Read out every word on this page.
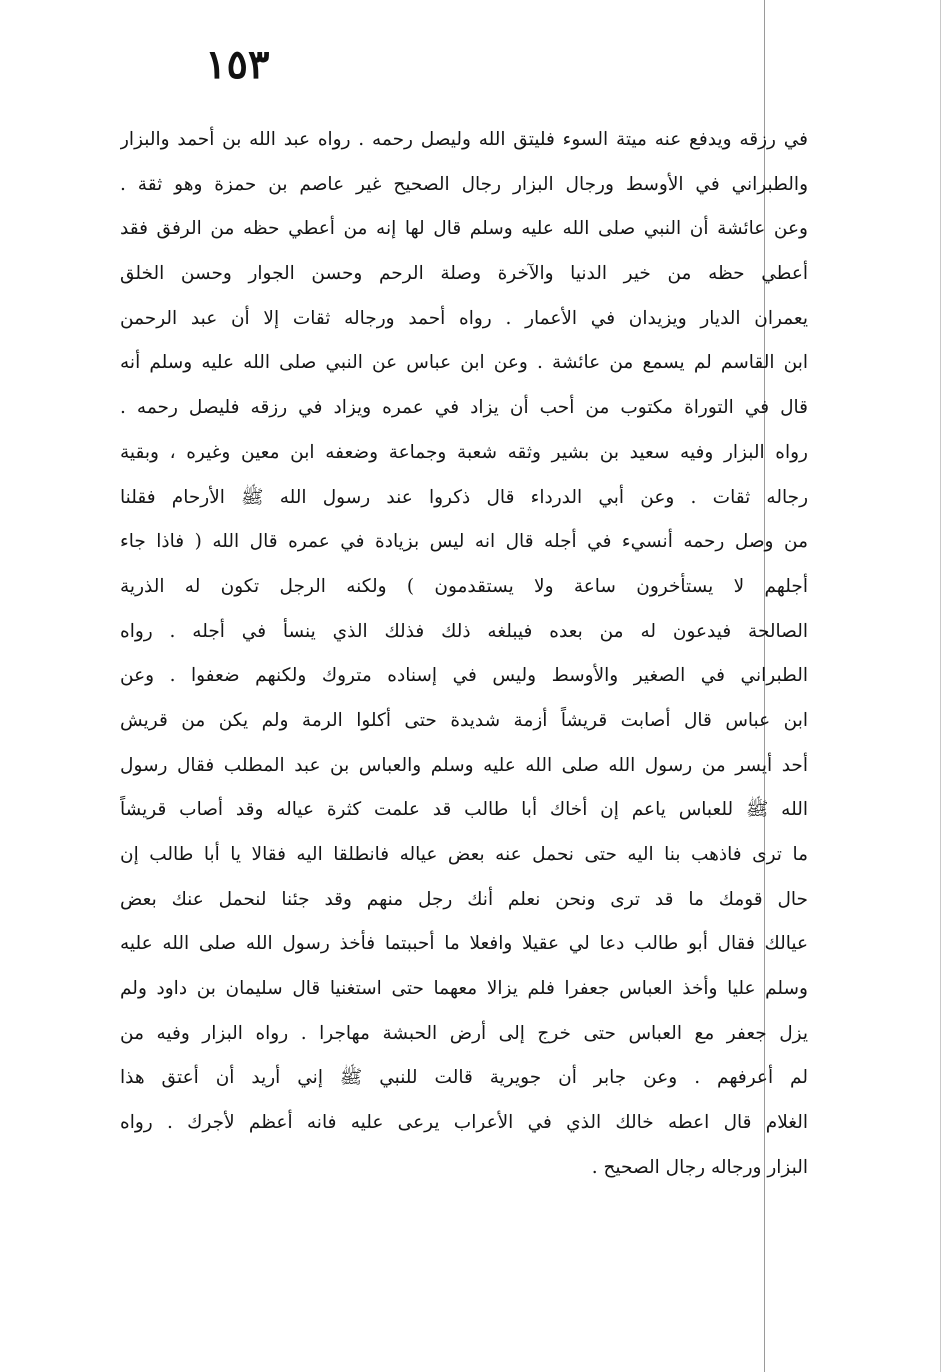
١٥٣
في رزقه ويدفع عنه ميتة السوء فليتق الله وليصل رحمه . رواه عبد الله بن أحمد والبزار
والطبراني في الأوسط ورجال البزار رجال الصحيح غير عاصم بن حمزة وهو ثقة .
وعن عائشة أن النبي صلى الله عليه وسلم قال لها إنه من أعطي حظه من الرفق فقد
أعطي حظه من خير الدنيا والآخرة وصلة الرحم وحسن الجوار وحسن الخلق
يعمران الديار ويزيدان في الأعمار . رواه أحمد ورجاله ثقات إلا أن عبد الرحمن
ابن القاسم لم يسمع من عائشة . وعن ابن عباس عن النبي صلى الله عليه وسلم أنه
قال في التوراة مكتوب من أحب أن يزاد في عمره ويزاد في رزقه فليصل رحمه .
رواه البزار وفيه سعيد بن بشير وثقه شعبة وجماعة وضعفه ابن معين وغيره ، وبقية
رجاله ثقات . وعن أبي الدرداء قال ذكروا عند رسول الله ﷺ الأرحام فقلنا
من وصل رحمه أنسيء في أجله قال انه ليس بزيادة في عمره قال الله ( فاذا جاء
أجلهم لا يستأخرون ساعة ولا يستقدمون ) ولكنه الرجل تكون له الذرية
الصالحة فيدعون له من بعده فيبلغه ذلك فذلك الذي ينسأ في أجله . رواه
الطبراني في الصغير والأوسط وليس في إسناده متروك ولكنهم ضعفوا . وعن
ابن عباس قال أصابت قريشاً أزمة شديدة حتى أكلوا الرمة ولم يكن من قريش
أحد أيسر من رسول الله صلى الله عليه وسلم والعباس بن عبد المطلب فقال رسول
الله ﷺ للعباس ياعم إن أخاك أبا طالب قد علمت كثرة عياله وقد أصاب قريشاً
ما ترى فاذهب بنا اليه حتى نحمل عنه بعض عياله فانطلقا اليه فقالا يا أبا طالب إن
حال قومك ما قد ترى ونحن نعلم أنك رجل منهم وقد جئنا لنحمل عنك بعض
عيالك فقال أبو طالب دعا لي عقيلا وافعلا ما أحببتما فأخذ رسول الله صلى الله عليه
وسلم عليا وأخذ العباس جعفرا فلم يزالا معهما حتى استغنيا قال سليمان بن داود ولم
يزل جعفر مع العباس حتى خرج إلى أرض الحبشة مهاجرا . رواه البزار وفيه من
لم أعرفهم . وعن جابر أن جويرية قالت للنبي ﷺ إني أريد أن أعتق هذا
الغلام قال اعطه خالك الذي في الأعراب يرعى عليه فانه أعظم لأجرك . رواه
البزار ورجاله رجال الصحيح .
